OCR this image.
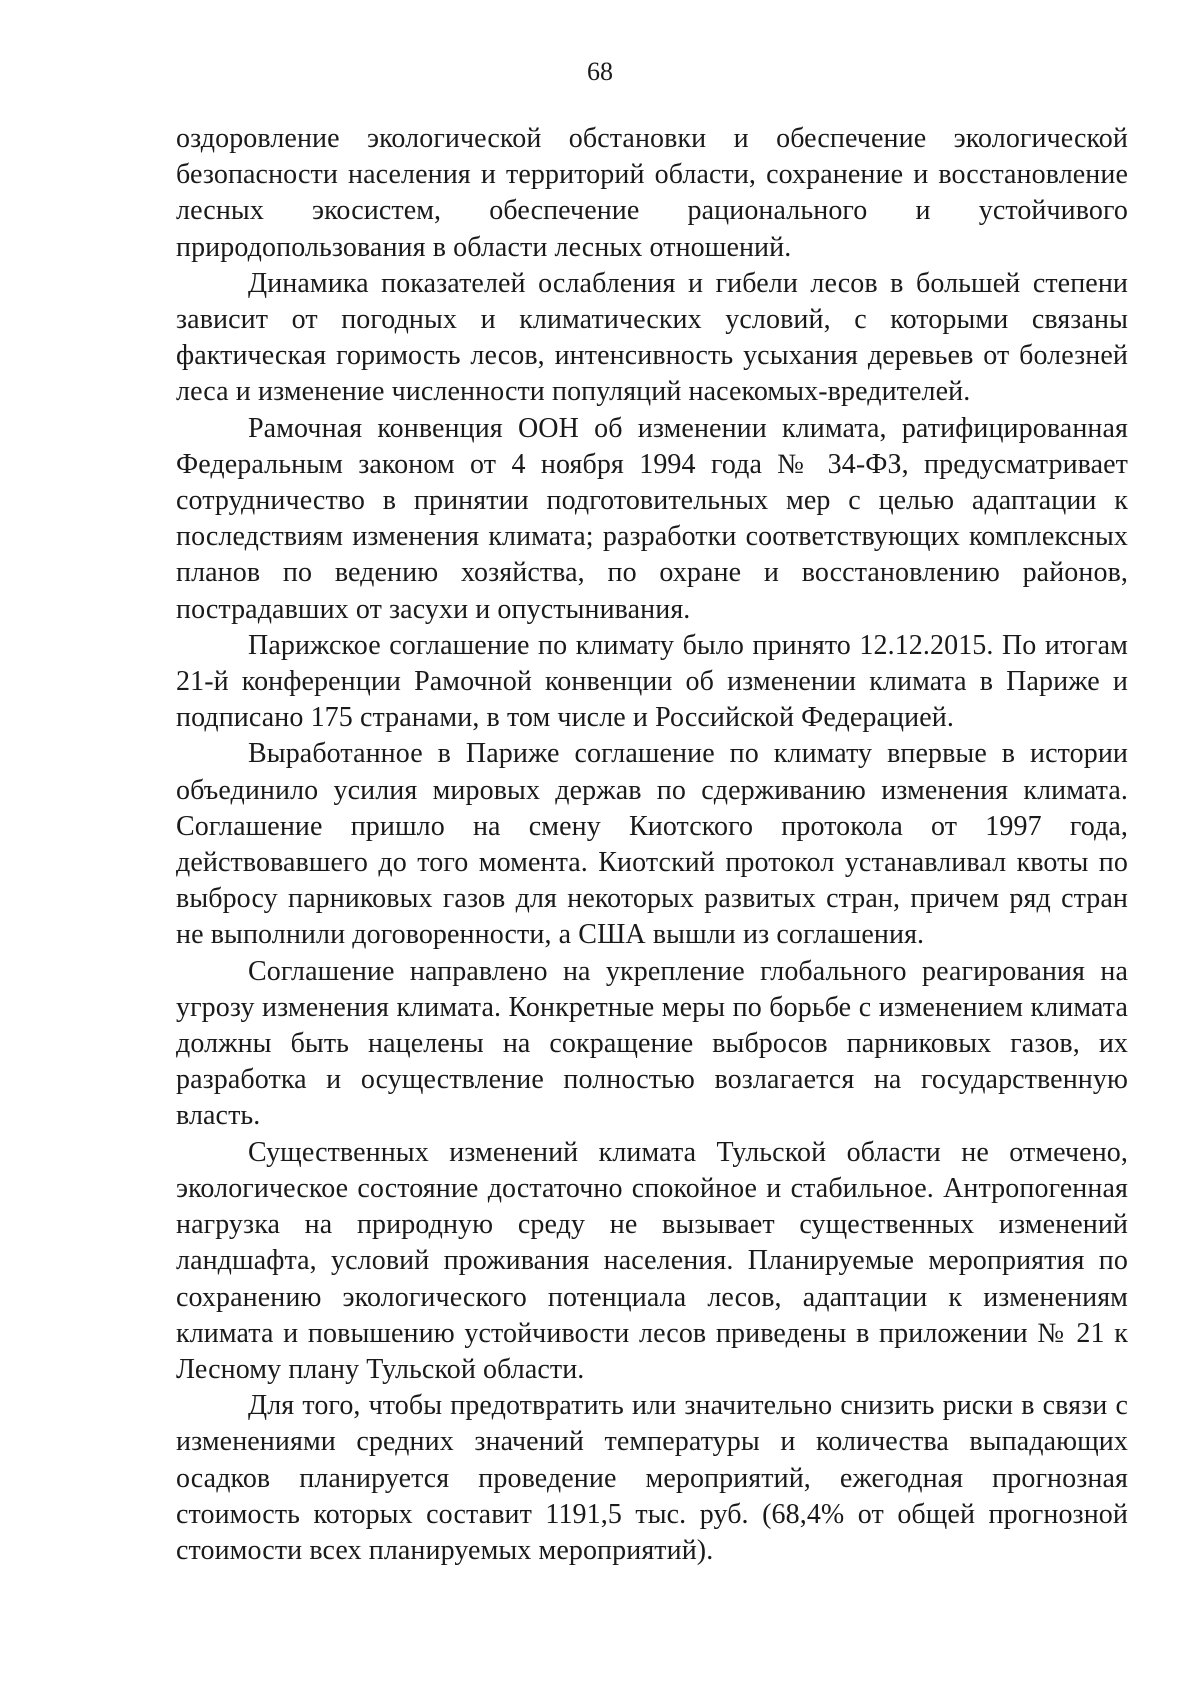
68

оздоровление экологической обстановки и обеспечение экологической безопасности населения и территорий области, сохранение и восстановление лесных экосистем, обеспечение рационального и устойчивого природопользования в области лесных отношений.

Динамика показателей ослабления и гибели лесов в большей степени зависит от погодных и климатических условий, с которыми связаны фактическая горимость лесов, интенсивность усыхания деревьев от болезней леса и изменение численности популяций насекомых-вредителей.

Рамочная конвенция ООН об изменении климата, ратифицированная Федеральным законом от 4 ноября 1994 года № 34-ФЗ, предусматривает сотрудничество в принятии подготовительных мер с целью адаптации к последствиям изменения климата; разработки соответствующих комплексных планов по ведению хозяйства, по охране и восстановлению районов, пострадавших от засухи и опустынивания.

Парижское соглашение по климату было принято 12.12.2015. По итогам 21-й конференции Рамочной конвенции об изменении климата в Париже и подписано 175 странами, в том числе и Российской Федерацией.

Выработанное в Париже соглашение по климату впервые в истории объединило усилия мировых держав по сдерживанию изменения климата. Соглашение пришло на смену Киотского протокола от 1997 года, действовавшего до того момента. Киотский протокол устанавливал квоты по выбросу парниковых газов для некоторых развитых стран, причем ряд стран не выполнили договоренности, а США вышли из соглашения.

Соглашение направлено на укрепление глобального реагирования на угрозу изменения климата. Конкретные меры по борьбе с изменением климата должны быть нацелены на сокращение выбросов парниковых газов, их разработка и осуществление полностью возлагается на государственную власть.

Существенных изменений климата Тульской области не отмечено, экологическое состояние достаточно спокойное и стабильное. Антропогенная нагрузка на природную среду не вызывает существенных изменений ландшафта, условий проживания населения. Планируемые мероприятия по сохранению экологического потенциала лесов, адаптации к изменениям климата и повышению устойчивости лесов приведены в приложении № 21 к Лесному плану Тульской области.

Для того, чтобы предотвратить или значительно снизить риски в связи с изменениями средних значений температуры и количества выпадающих осадков планируется проведение мероприятий, ежегодная прогнозная стоимость которых составит 1191,5 тыс. руб. (68,4% от общей прогнозной стоимости всех планируемых мероприятий).
